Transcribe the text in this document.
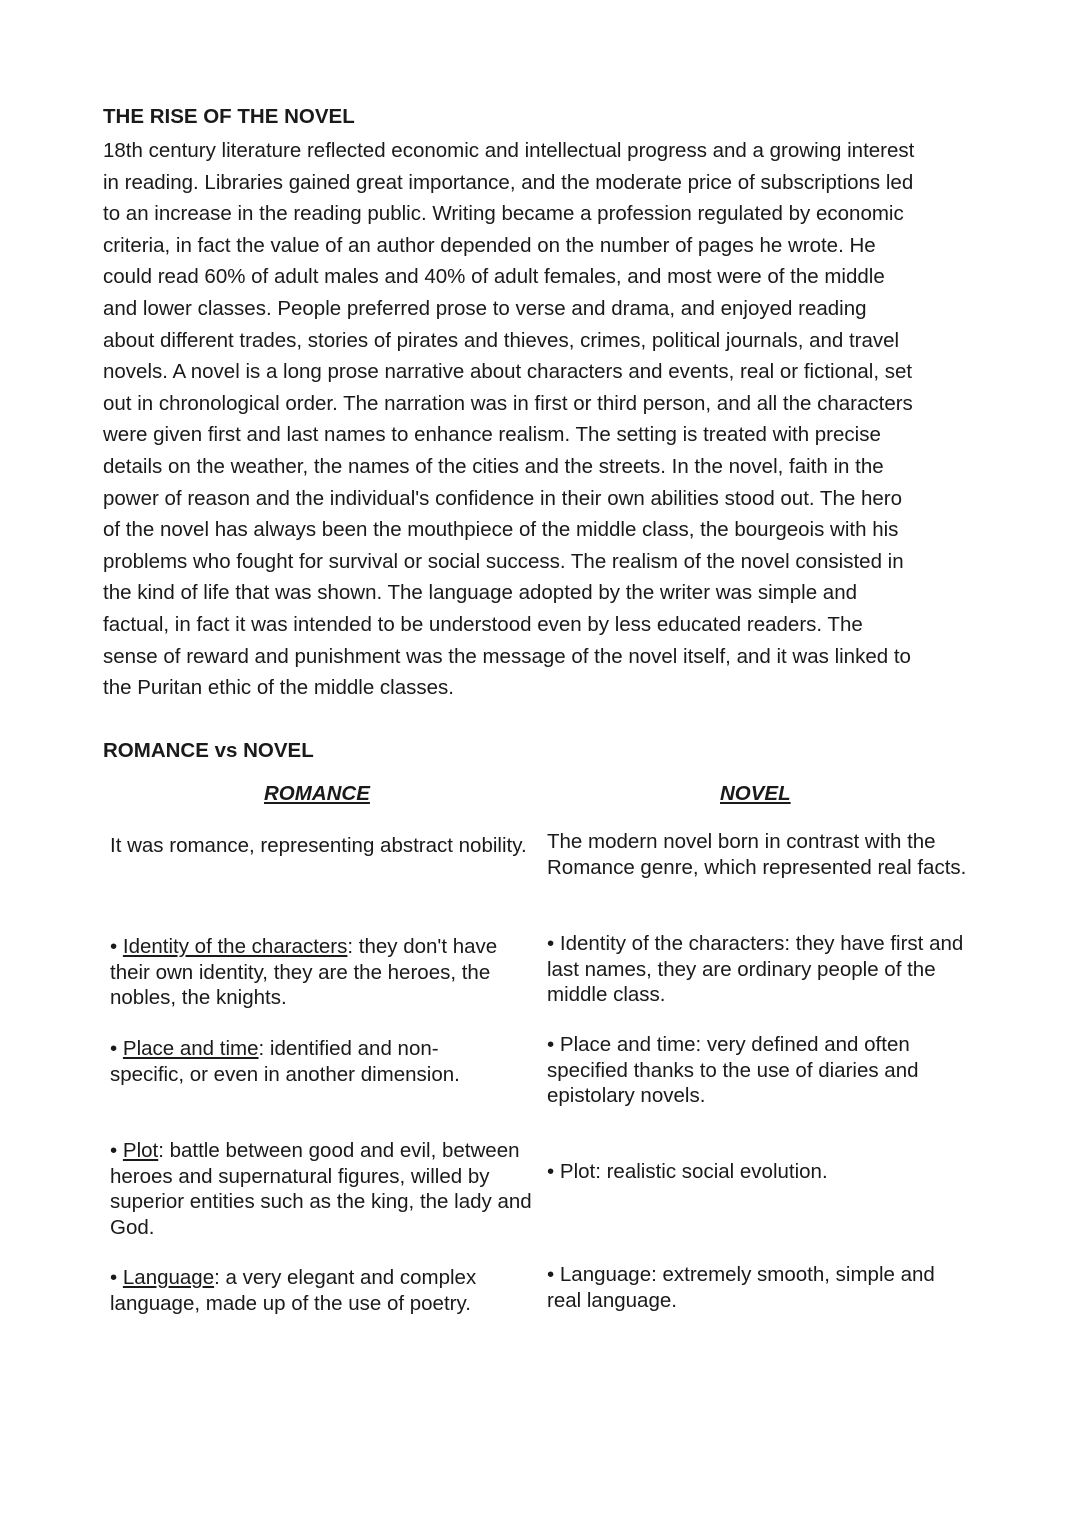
THE RISE OF THE NOVEL
18th century literature reflected economic and intellectual progress and a growing interest
in reading. Libraries gained great importance, and the moderate price of subscriptions led
to an increase in the reading public. Writing became a profession regulated by economic
criteria, in fact the value of an author depended on the number of pages he wrote. He
could read 60% of adult males and 40% of adult females, and most were of the middle
and lower classes. People preferred prose to verse and drama, and enjoyed reading
about different trades, stories of pirates and thieves, crimes, political journals, and travel
novels. A novel is a long prose narrative about characters and events, real or fictional, set
out in chronological order. The narration was in first or third person, and all the characters
were given first and last names to enhance realism. The setting is treated with precise
details on the weather, the names of the cities and the streets. In the novel, faith in the
power of reason and the individual's confidence in their own abilities stood out. The hero
of the novel has always been the mouthpiece of the middle class, the bourgeois with his
problems who fought for survival or social success. The realism of the novel consisted in
the kind of life that was shown. The language adopted by the writer was simple and
factual, in fact it was intended to be understood even by less educated readers. The
sense of reward and punishment was the message of the novel itself, and it was linked to
the Puritan ethic of the middle classes.
ROMANCE vs NOVEL
ROMANCE	NOVEL

It was romance, representing abstract nobility.

• Identity of the characters: they don't have their own identity, they are the heroes, the nobles, the knights.

• Place and time: identified and non-specific, or even in another dimension.

• Plot: battle between good and evil, between heroes and supernatural figures, willed by superior entities such as the king, the lady and God.

• Language: a very elegant and complex language, made up of the use of poetry.

The modern novel born in contrast with the Romance genre, which represented real facts.

• Identity of the characters: they have first and last names, they are ordinary people of the middle class.

• Place and time: very defined and often specified thanks to the use of diaries and epistolary novels.

• Plot: realistic social evolution.

• Language: extremely smooth, simple and real language.
